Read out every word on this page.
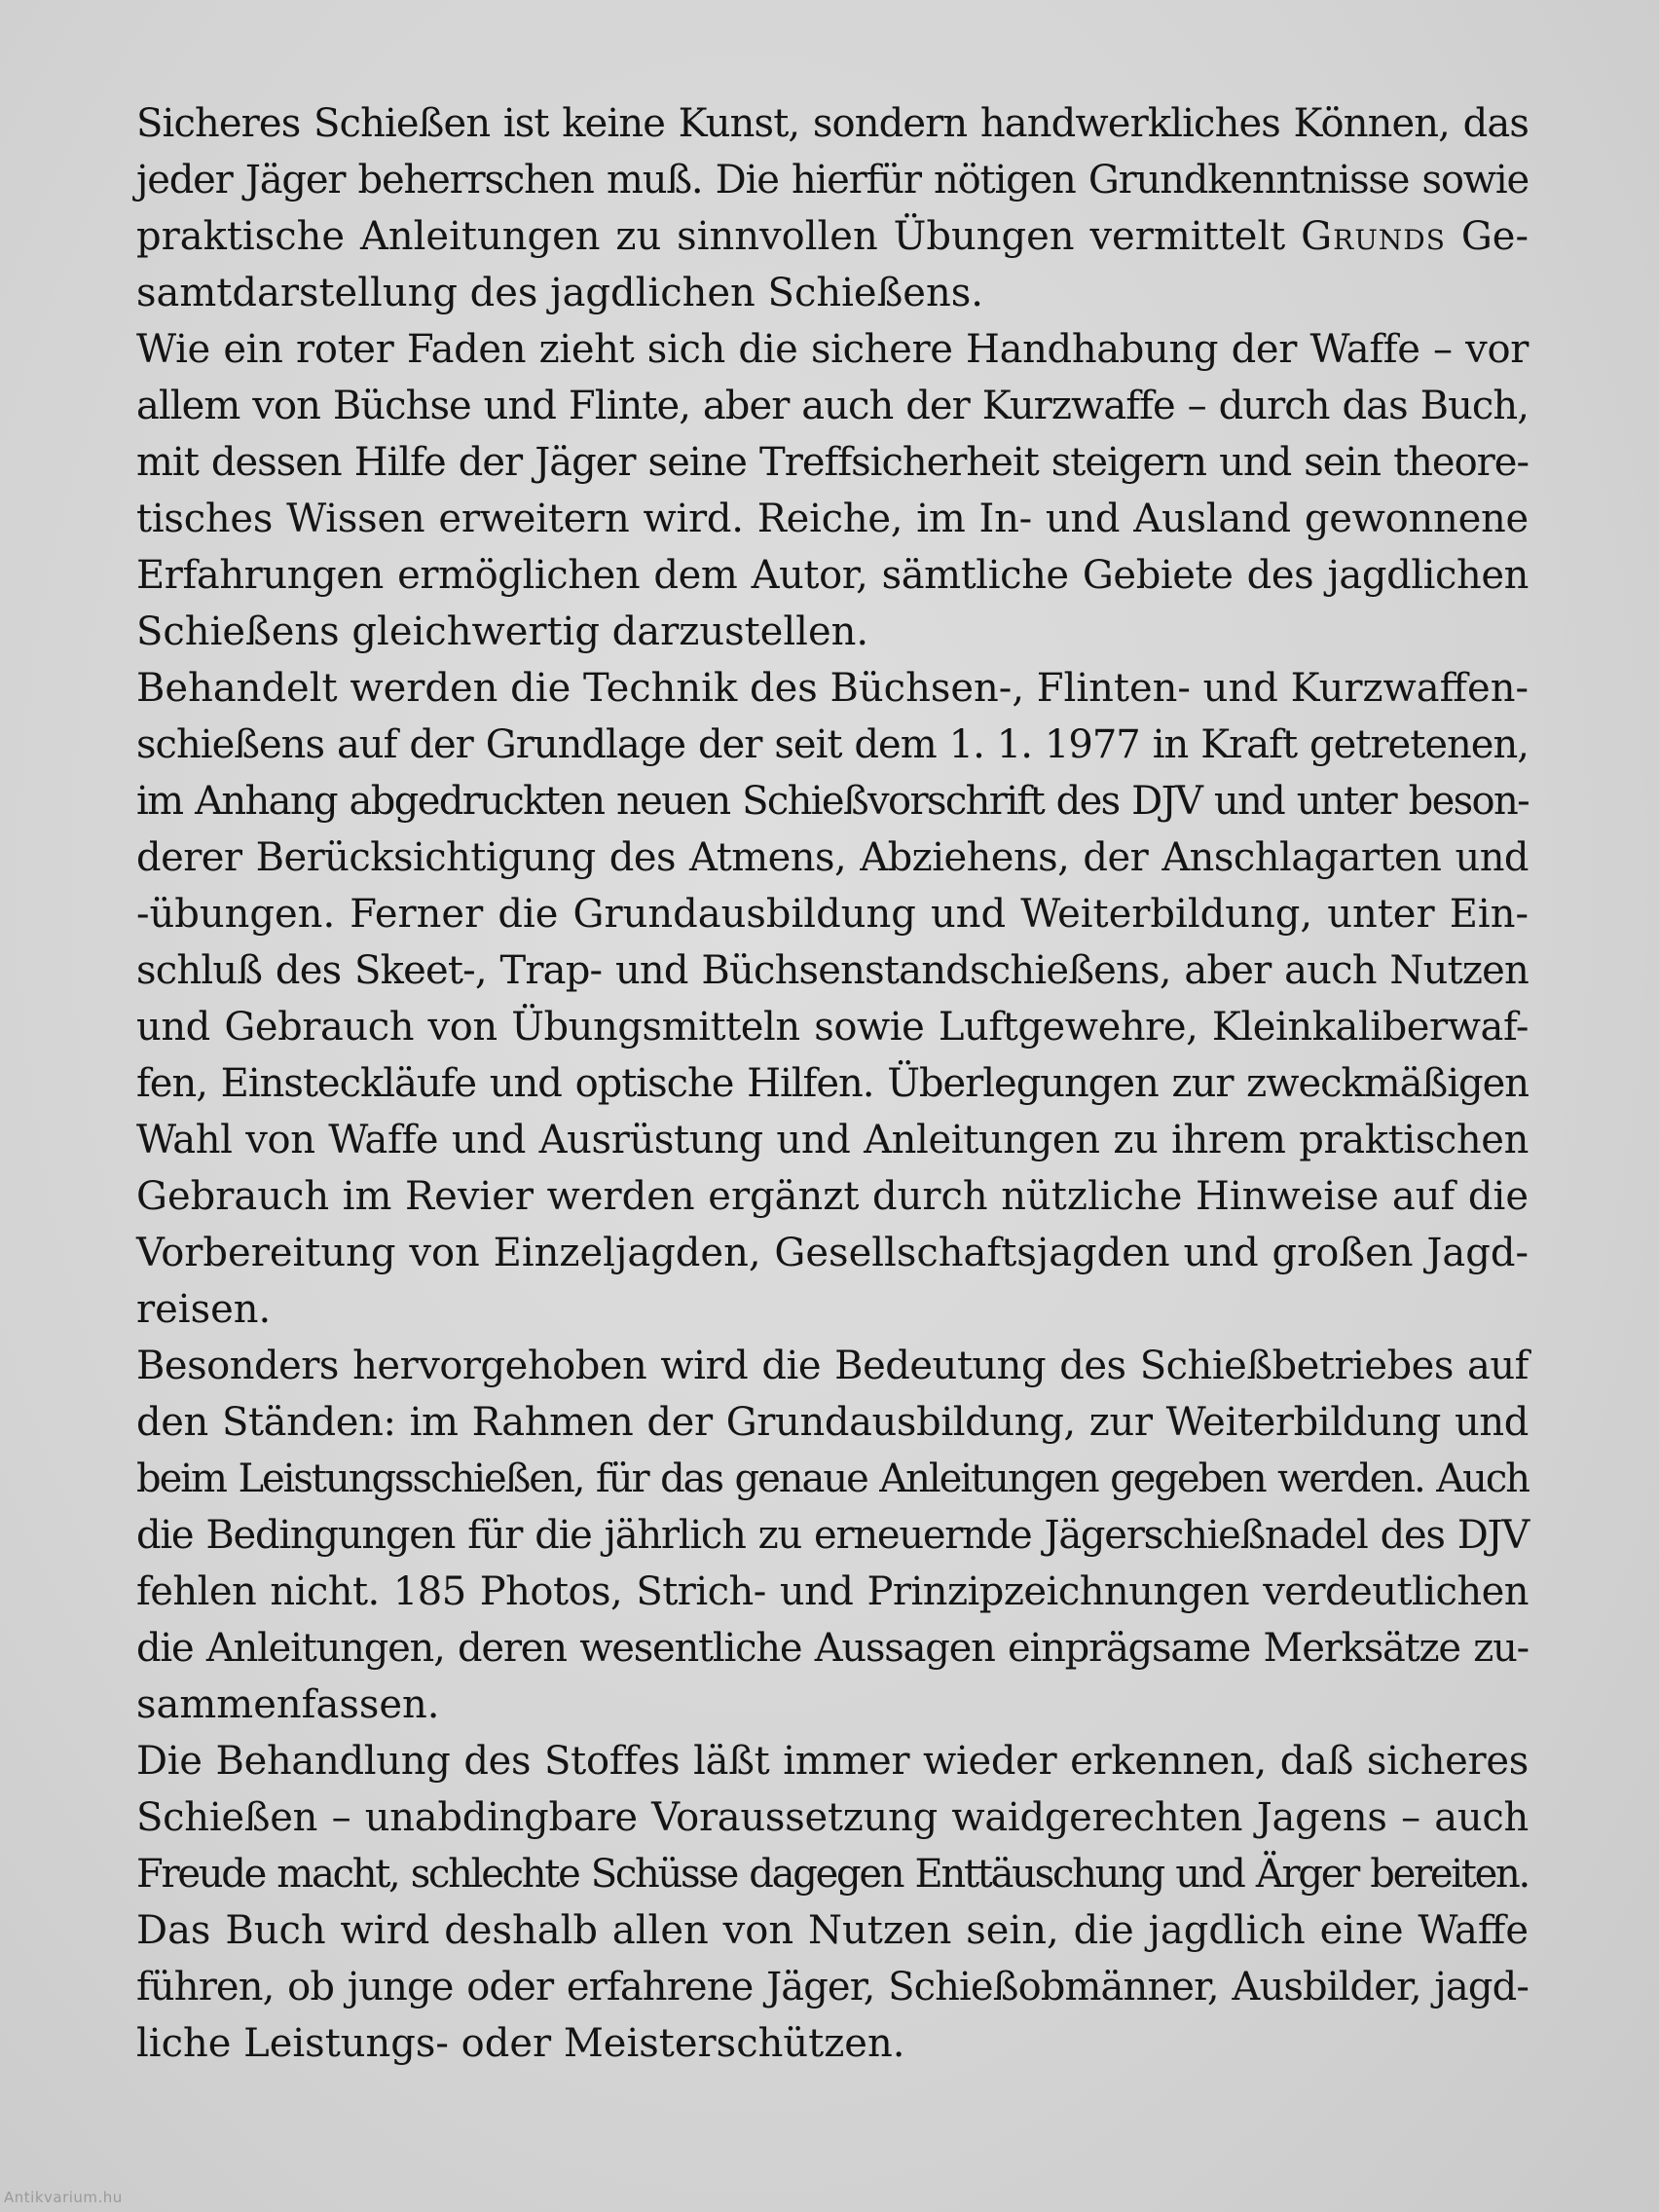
Sicheres Schießen ist keine Kunst, sondern handwerkliches Können, das
jeder Jäger beherrschen muß. Die hierfür nötigen Grundkenntnisse sowie
praktische Anleitungen zu sinnvollen Übungen vermittelt Grunds Ge-
samtdarstellung des jagdlichen Schießens.
Wie ein roter Faden zieht sich die sichere Handhabung der Waffe – vor
allem von Büchse und Flinte, aber auch der Kurzwaffe – durch das Buch,
mit dessen Hilfe der Jäger seine Treffsicherheit steigern und sein theore-
tisches Wissen erweitern wird. Reiche, im In- und Ausland gewonnene
Erfahrungen ermöglichen dem Autor, sämtliche Gebiete des jagdlichen
Schießens gleichwertig darzustellen.
Behandelt werden die Technik des Büchsen-, Flinten- und Kurzwaffen-
schießens auf der Grundlage der seit dem 1. 1. 1977 in Kraft getretenen,
im Anhang abgedruckten neuen Schießvorschrift des DJV und unter beson-
derer Berücksichtigung des Atmens, Abziehens, der Anschlagarten und
-übungen. Ferner die Grundausbildung und Weiterbildung, unter Ein-
schluß des Skeet-, Trap- und Büchsenstandschießens, aber auch Nutzen
und Gebrauch von Übungsmitteln sowie Luftgewehre, Kleinkaliberwaf-
fen, Einsteckläufe und optische Hilfen. Überlegungen zur zweckmäßigen
Wahl von Waffe und Ausrüstung und Anleitungen zu ihrem praktischen
Gebrauch im Revier werden ergänzt durch nützliche Hinweise auf die
Vorbereitung von Einzeljagden, Gesellschaftsjagden und großen Jagd-
reisen.
Besonders hervorgehoben wird die Bedeutung des Schießbetriebes auf
den Ständen: im Rahmen der Grundausbildung, zur Weiterbildung und
beim Leistungsschießen, für das genaue Anleitungen gegeben werden. Auch
die Bedingungen für die jährlich zu erneuernde Jägerschießnadel des DJV
fehlen nicht. 185 Photos, Strich- und Prinzipzeichnungen verdeutlichen
die Anleitungen, deren wesentliche Aussagen einprägsame Merksätze zu-
sammenfassen.
Die Behandlung des Stoffes läßt immer wieder erkennen, daß sicheres
Schießen – unabdingbare Voraussetzung waidgerechten Jagens – auch
Freude macht, schlechte Schüsse dagegen Enttäuschung und Ärger bereiten.
Das Buch wird deshalb allen von Nutzen sein, die jagdlich eine Waffe
führen, ob junge oder erfahrene Jäger, Schießobmänner, Ausbilder, jagd-
liche Leistungs- oder Meisterschützen.
Antikvarium.hu
